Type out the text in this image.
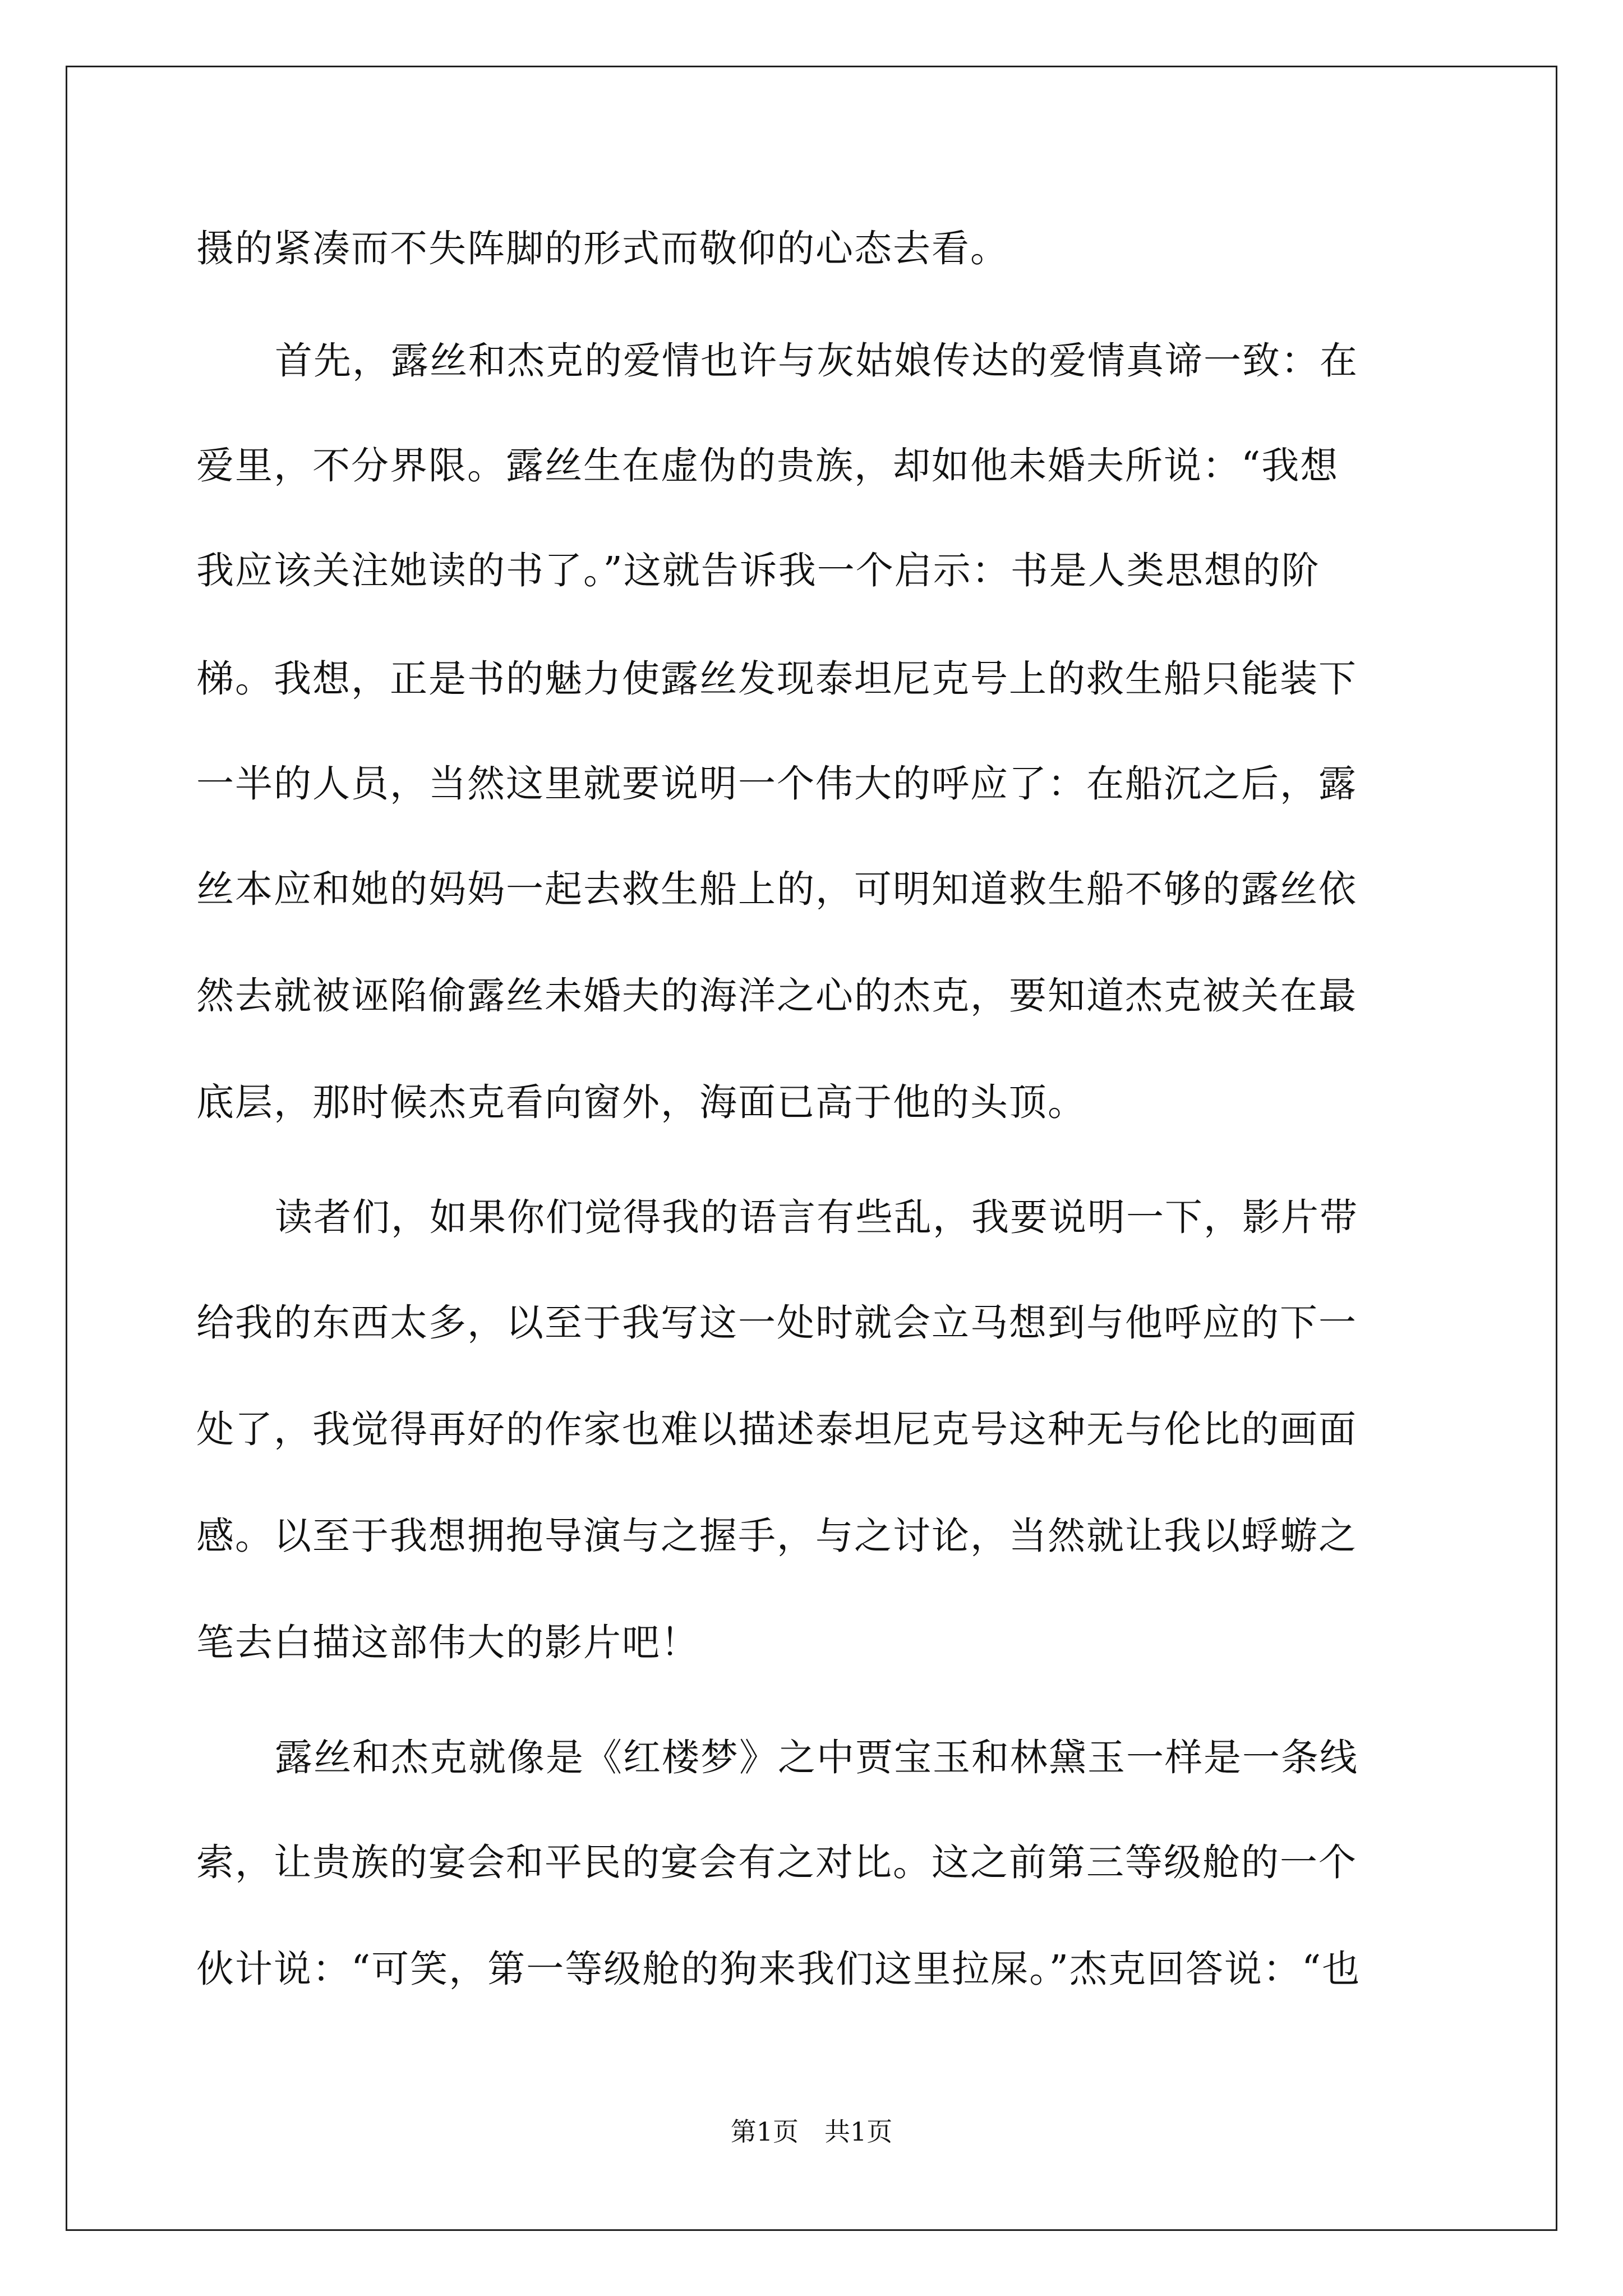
摄的紧凑而不失阵脚的形式而敬仰的心态去看。
首先，露丝和杰克的爱情也许与灰姑娘传达的爱情真谛一致：在
爱里，不分界限。露丝生在虚伪的贵族，却如他未婚夫所说：“我想
我应该关注她读的书了。”这就告诉我一个启示：书是人类思想的阶
梯。我想，正是书的魅力使露丝发现泰坦尼克号上的救生船只能装下
一半的人员，当然这里就要说明一个伟大的呼应了：在船沉之后，露
丝本应和她的妈妈一起去救生船上的，可明知道救生船不够的露丝依
然去就被诬陷偷露丝未婚夫的海洋之心的杰克，要知道杰克被关在最
底层，那时候杰克看向窗外，海面已高于他的头顶。
读者们，如果你们觉得我的语言有些乱，我要说明一下，影片带
给我的东西太多，以至于我写这一处时就会立马想到与他呼应的下一
处了，我觉得再好的作家也难以描述泰坦尼克号这种无与伦比的画面
感。以至于我想拥抱导演与之握手，与之讨论，当然就让我以蜉蝣之
笔去白描这部伟大的影片吧！
露丝和杰克就像是《红楼梦》之中贾宝玉和林黛玉一样是一条线
索，让贵族的宴会和平民的宴会有之对比。这之前第三等级舱的一个
伙计说：“可笑，第一等级舱的狗来我们这里拉屎。”杰克回答说：“也
第1页　共1页
